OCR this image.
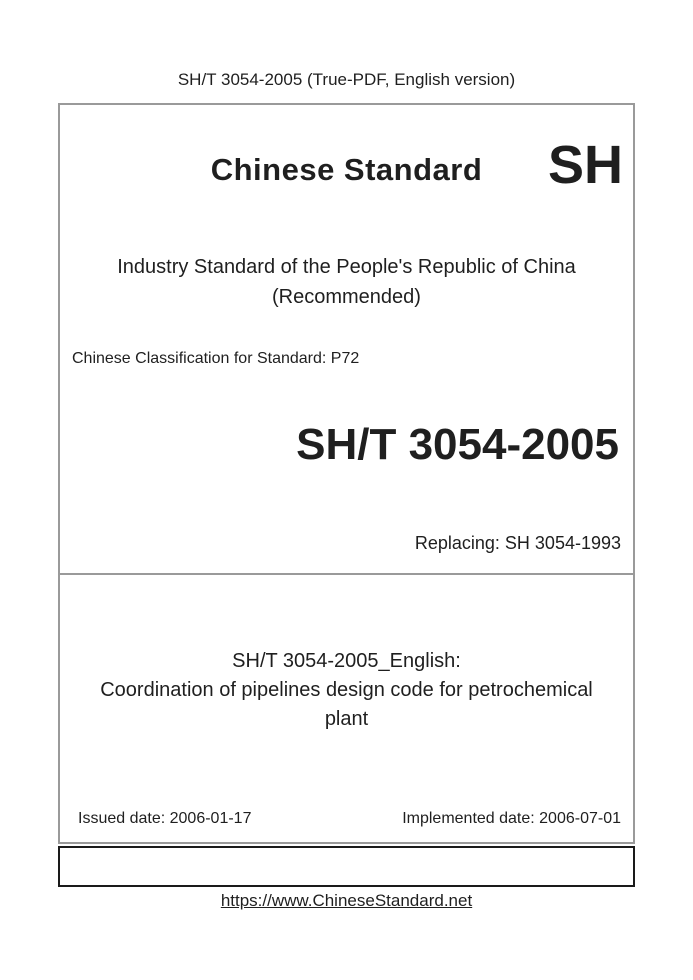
SH/T 3054-2005 (True-PDF, English version)
Chinese Standard	SH
Industry Standard of the People's Republic of China
(Recommended)
Chinese Classification for Standard: P72
SH/T 3054-2005
Replacing: SH 3054-1993
SH/T 3054-2005_English:
Coordination of pipelines design code for petrochemical
plant
Issued date: 2006-01-17	Implemented date: 2006-07-01
https://www.ChineseStandard.net
